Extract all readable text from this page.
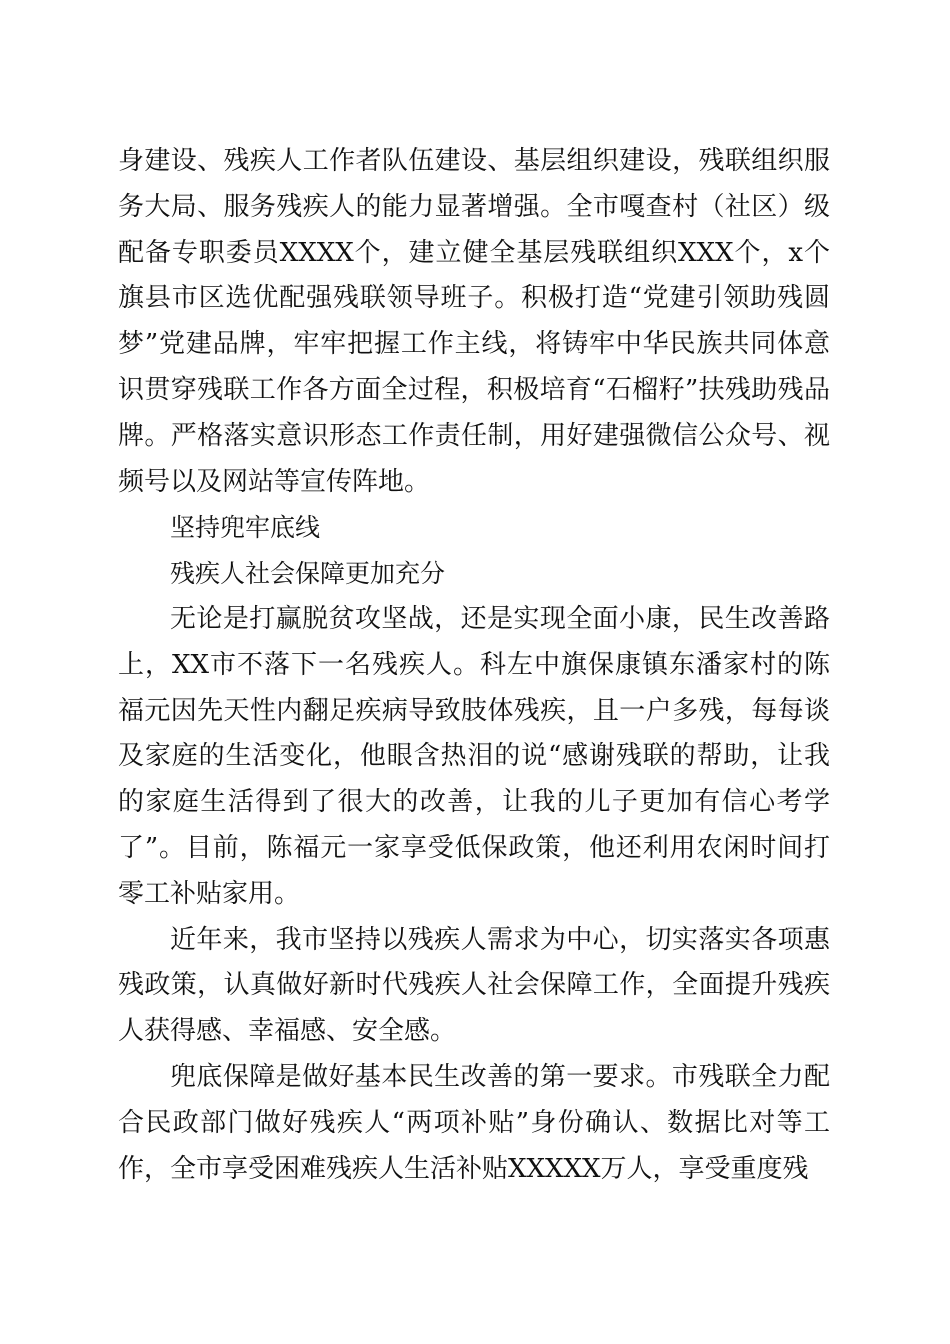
身建设、残疾人工作者队伍建设、基层组织建设，残联组织服务大局、服务残疾人的能力显著增强。全市嘎查村（社区）级配备专职委员XXXX个，建立健全基层残联组织XXX个，x个旗县市区选优配强残联领导班子。积极打造“党建引领助残圆梦”党建品牌，牢牢把握工作主线，将铸牢中华民族共同体意识贯穿残联工作各方面全过程，积极培育“石榴籽”扶残助残品牌。严格落实意识形态工作责任制，用好建强微信公众号、视频号以及网站等宣传阵地。

坚持兜牢底线

残疾人社会保障更加充分

无论是打赢脱贫攻坚战，还是实现全面小康，民生改善路上，XX市不落下一名残疾人。科左中旗保康镇东潘家村的陈福元因先天性内翻足疾病导致肢体残疾，且一户多残，每每谈及家庭的生活变化，他眼含热泪的说“感谢残联的帮助，让我的家庭生活得到了很大的改善，让我的儿子更加有信心考学了”。目前，陈福元一家享受低保政策，他还利用农闲时间打零工补贴家用。

近年来，我市坚持以残疾人需求为中心，切实落实各项惠残政策，认真做好新时代残疾人社会保障工作，全面提升残疾人获得感、幸福感、安全感。

兜底保障是做好基本民生改善的第一要求。市残联全力配合民政部门做好残疾人“两项补贴”身份确认、数据比对等工作，全市享受困难残疾人生活补贴XXXXX万人，享受重度残
